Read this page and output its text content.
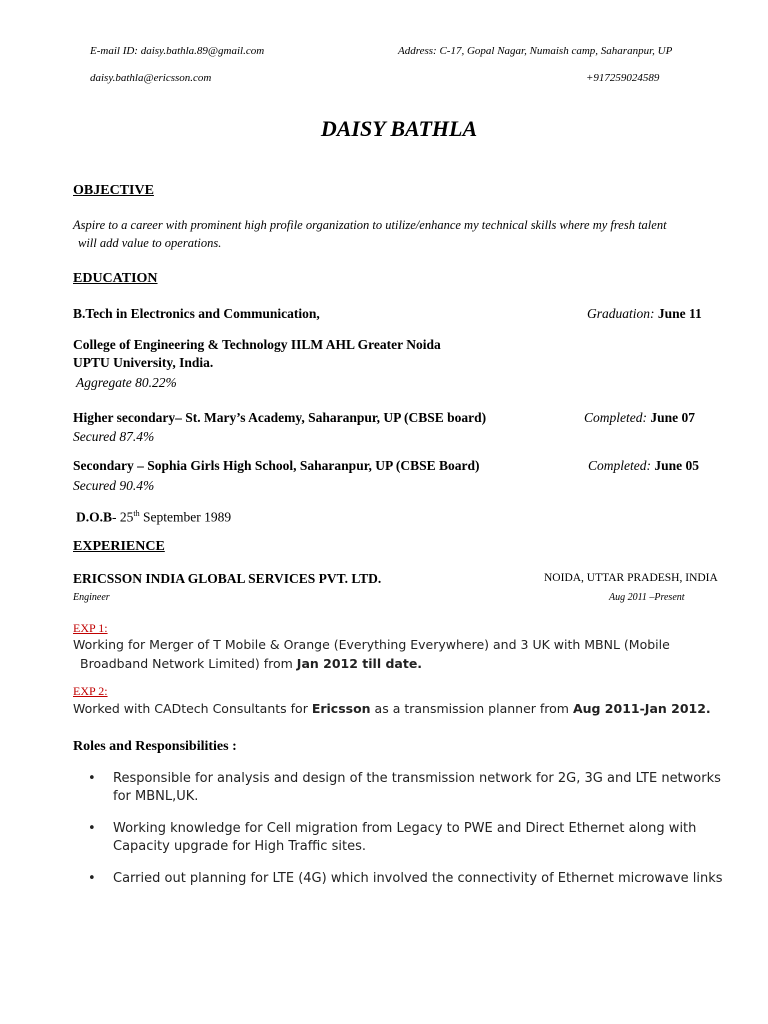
E-mail ID: daisy.bathla.89@gmail.com	Address: C-17, Gopal Nagar, Numaish camp, Saharanpur, UP
daisy.bathla@ericsson.com	+917259024589
DAISY BATHLA
OBJECTIVE
Aspire to a career with prominent high profile organization to utilize/enhance my technical skills where my fresh talent
will add value to operations.
EDUCATION
B.Tech in Electronics and Communication,	Graduation: June 11
College of Engineering & Technology IILM AHL Greater Noida
UPTU University, India.
Aggregate 80.22%
Higher secondary– St. Mary’s Academy, Saharanpur, UP (CBSE board)	Completed: June 07
Secured 87.4%
Secondary – Sophia Girls High School, Saharanpur, UP (CBSE Board)	Completed: June 05
Secured 90.4%
D.O.B- 25th September 1989
EXPERIENCE
ERICSSON INDIA GLOBAL SERVICES PVT. LTD.	NOIDA, UTTAR PRADESH, INDIA
Engineer	Aug 2011 –Present
EXP 1:
Working for Merger of T Mobile & Orange (Everything Everywhere) and 3 UK with MBNL (Mobile
Broadband Network Limited) from Jan 2012 till date.
EXP 2:
Worked with CADtech Consultants for Ericsson as a transmission planner from Aug 2011-Jan 2012.
Roles and Responsibilities :
• Responsible for analysis and design of the transmission network for 2G, 3G and LTE networks for MBNL,UK.
• Working knowledge for Cell migration from Legacy to PWE and Direct Ethernet along with Capacity upgrade for High Traffic sites.
• Carried out planning for LTE (4G) which involved the connectivity of Ethernet microwave links
